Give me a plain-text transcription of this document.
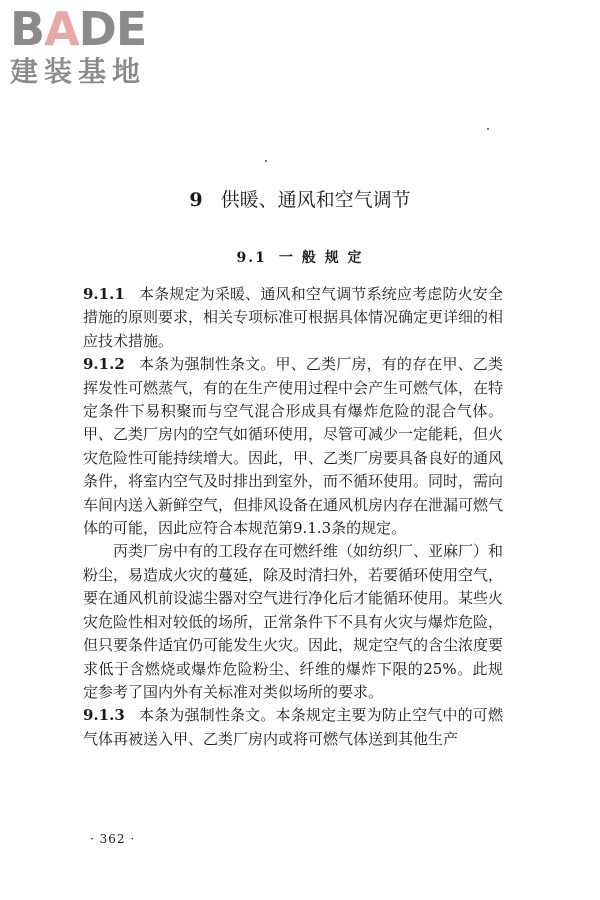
BADE
建装基地
9 供暖、通风和空气调节
9.1 一 般 规 定

9.1.1 本条规定为采暖、通风和空气调节系统应考虑防火安全措施的原则要求，相关专项标准可根据具体情况确定更详细的相应技术措施。

9.1.2 本条为强制性条文。甲、乙类厂房，有的存在甲、乙类挥发性可燃蒸气，有的在生产使用过程中会产生可燃气体，在特定条件下易积聚而与空气混合形成具有爆炸危险的混合气体。甲、乙类厂房内的空气如循环使用，尽管可减少一定能耗，但火灾危险性可能持续增大。因此，甲、乙类厂房要具备良好的通风条件，将室内空气及时排出到室外，而不循环使用。同时，需向车间内送入新鲜空气，但排风设备在通风机房内存在泄漏可燃气体的可能，因此应符合本规范第9.1.3条的规定。

丙类厂房中有的工段存在可燃纤维（如纺织厂、亚麻厂）和粉尘，易造成火灾的蔓延，除及时清扫外，若要循环使用空气，要在通风机前设滤尘器对空气进行净化后才能循环使用。某些火灾危险性相对较低的场所，正常条件下不具有火灾与爆炸危险，但只要条件适宜仍可能发生火灾。因此，规定空气的含尘浓度要求低于含燃烧或爆炸危险粉尘、纤维的爆炸下限的25%。此规定参考了国内外有关标准对类似场所的要求。

9.1.3 本条为强制性条文。本条规定主要为防止空气中的可燃气体再被送入甲、乙类厂房内或将可燃气体送到其他生产

· 362 ·
